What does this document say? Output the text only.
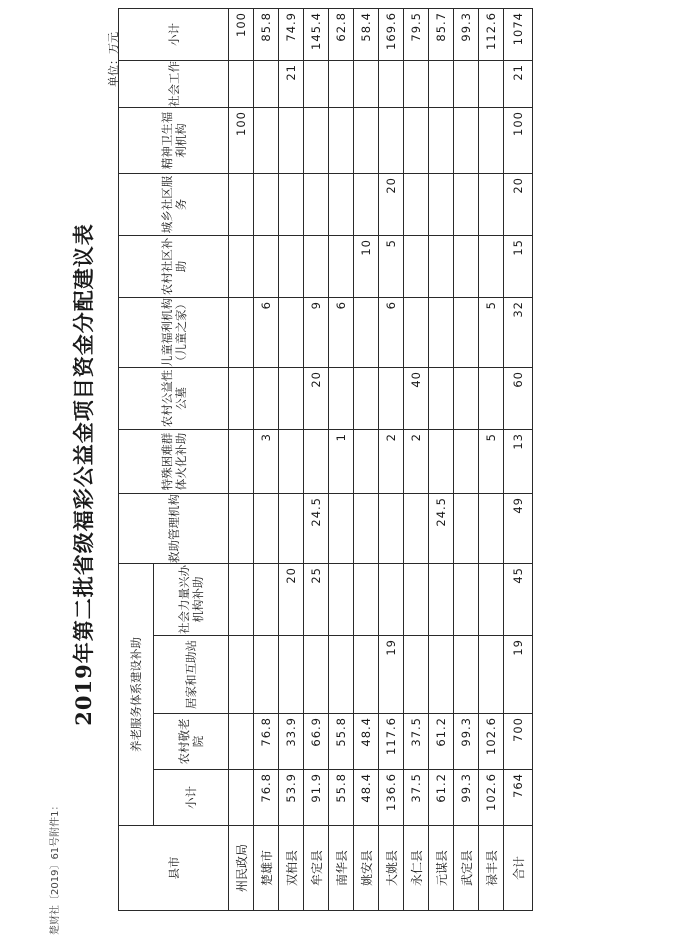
楚财社〔2019〕61号附件1：
2019年第二批省级福彩公益金项目资金分配建议表
单位：万元
县市	养老服务体系建设补助				救助管理机构	特殊困难群体火化补助	农村公益性公墓	儿童福利机构（儿童之家）	农村社区补助	城乡社区服务	精神卫生福利机构	社会工作	小计
	小计	农村敬老院	居家和互助站	社会力量兴办机构补助									
州民政局											100		100
楚雄市	76.8	76.8				3		6					85.8
双柏县	53.9	33.9		20								21	74.9
牟定县	91.9	66.9		25	24.5		20	9					145.4
南华县	55.8	55.8				1		6					62.8
姚安县	48.4	48.4							10				58.4
大姚县	136.6	117.6	19			2		6	5	20			169.6
永仁县	37.5	37.5				2	40						79.5
元谋县	61.2	61.2			24.5								85.7
武定县	99.3	99.3											99.3
禄丰县	102.6	102.6				5		5					112.6
合计	764	700	19	45	49	13	60	32	15	20	100	21	1074
